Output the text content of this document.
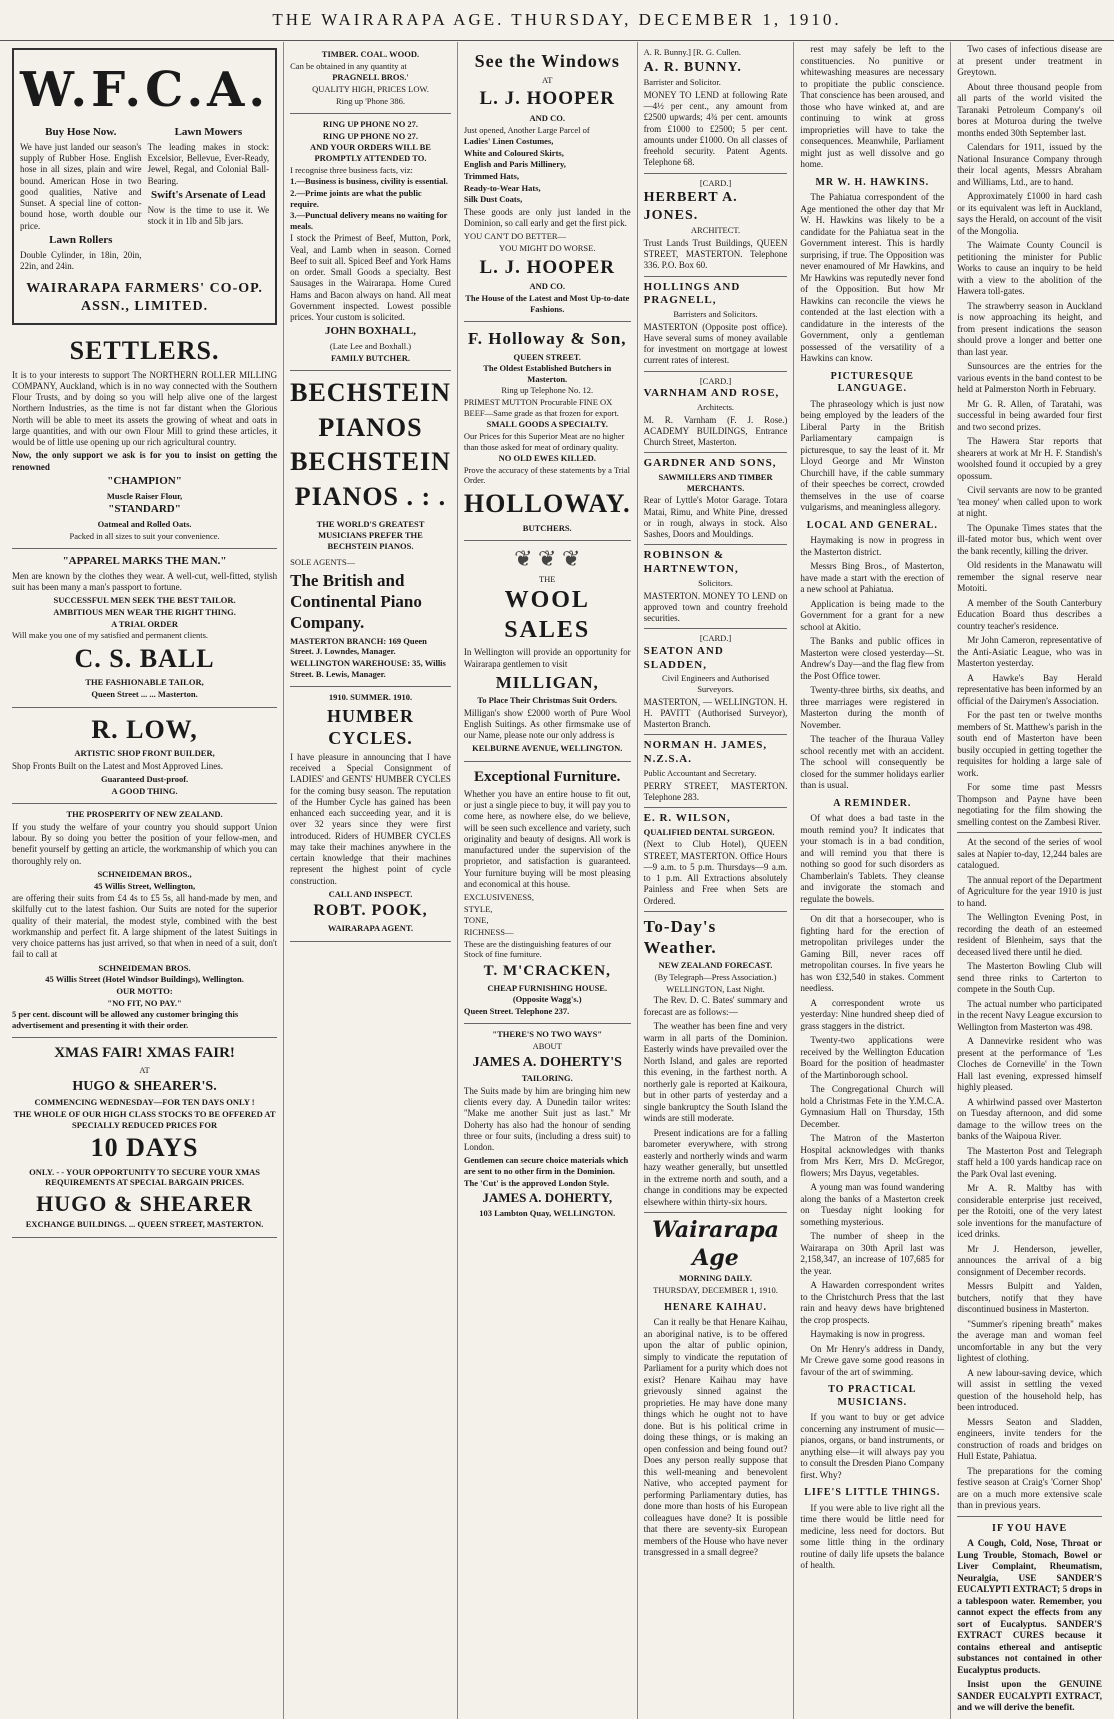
THE WAIRARAPA AGE. THURSDAY, DECEMBER 1, 1910.
W.F.C.A.
Buy Hose Now.
We have just landed our season's supply of Rubber Hose. English hose in all sizes, plain and wire bound. American Hose in two good qualities, Native and Sunset. A special line of cotton-bound hose, worth double our price.
Lawn Rollers
Double Cylinder, in 18in, 20in, 22in, and 24in.
Lawn Mowers
The leading makes in stock: Excelsior, Bellevue, Ever-Ready, Jewel, Regal, and Colonial Ball-Bearing.
Swift's Arsenate of Lead
Now is the time to use it. We stock it in 1lb and 5lb jars.
WAIRARAPA FARMERS' CO-OP. ASSN., LIMITED.
SETTLERS.
It is to your interests to support The NORTHERN ROLLER MILLING COMPANY, Auckland, which is in no way connected with the Southern Flour Trusts, and by doing so you will help alive one of the largest Northern Industries, as the time is not far distant when the Glorious North will be able to meet its assets the growing of wheat and oats in large quantities, and with our own Flour Mill to grind these articles, it would be of little use opening up our rich agricultural country.
Now, the only support we ask is for you to insist on getting the renowned
"CHAMPION"
Muscle Raiser Flour,
"STANDARD"
Oatmeal and Rolled Oats.
Packed in all sizes to suit your convenience.
"APPAREL MARKS THE MAN."
Men are known by the clothes they wear. A well-cut, well-fitted, stylish suit has been many a man's passport to fortune.
SUCCESSFUL MEN SEEK THE BEST TAILOR.
AMBITIOUS MEN WEAR THE RIGHT THING.
A TRIAL ORDER
Will make you one of my satisfied and permanent clients.
C. S. BALL
THE FASHIONABLE TAILOR,
Queen Street ... ... Masterton.
R. LOW,
ARTISTIC SHOP FRONT BUILDER,
Shop Fronts Built on the Latest and Most Approved Lines.
Guaranteed Dust-proof.
A GOOD THING.
THE PROSPERITY OF NEW ZEALAND.
If you study the welfare of your country you should support Union labour. By so doing you better the position of your fellow-men, and benefit yourself by getting an article, the workmanship of which you can thoroughly rely on.
SCHNEIDEMAN BROS.,
45 Willis Street, Wellington,
are offering their suits from £4 4s to £5 5s, all hand-made by men, and skilfully cut to the latest fashion. Our Suits are noted for the superior quality of their material, the modest style, combined with the best workmanship and perfect fit. A large shipment of the latest Suitings in very choice patterns has just arrived, so that when in need of a suit, don't fail to call at
SCHNEIDEMAN BROS.
45 Willis Street (Hotel Windsor Buildings), Wellington.
OUR MOTTO:
"NO FIT, NO PAY."
5 per cent. discount will be allowed any customer bringing this advertisement and presenting it with their order.
XMAS FAIR! XMAS FAIR!
AT
HUGO & SHEARER'S.
COMMENCING WEDNESDAY—FOR TEN DAYS ONLY !
THE WHOLE OF OUR HIGH CLASS STOCKS TO BE OFFERED AT SPECIALLY REDUCED PRICES FOR
10 DAYS
ONLY. - - YOUR OPPORTUNITY TO SECURE YOUR XMAS REQUIREMENTS AT SPECIAL BARGAIN PRICES.
HUGO & SHEARER
EXCHANGE BUILDINGS. ... QUEEN STREET, MASTERTON.
TIMBER. COAL. WOOD.
Can be obtained in any quantity at
PRAGNELL BROS.'
QUALITY HIGH, PRICES LOW.
Ring up 'Phone 386.
RING UP PHONE NO 27.
RING UP PHONE NO 27.
AND YOUR ORDERS WILL BE PROMPTLY ATTENDED TO.
I recognise three business facts, viz:
1.—Business is business, civility is essential.
2.—Prime joints are what the public require.
3.—Punctual delivery means no waiting for meals.
I stock the Primest of Beef, Mutton, Pork, Veal, and Lamb when in season. Corned Beef to suit all. Spiced Beef and York Hams on order. Small Goods a specialty. Best Sausages in the Wairarapa. Home Cured Hams and Bacon always on hand. All meat Government inspected. Lowest possible prices. Your custom is solicited.
JOHN BOXHALL,
(Late Lee and Boxhall.)
FAMILY BUTCHER.
BECHSTEIN
PIANOS
BECHSTEIN
PIANOS . : .
THE WORLD'S GREATEST MUSICIANS PREFER THE BECHSTEIN PIANOS.
SOLE AGENTS—
The British and Continental Piano Company.
MASTERTON BRANCH: 169 Queen Street. J. Lowndes, Manager.
WELLINGTON WAREHOUSE: 35, Willis Street. B. Lewis, Manager.
1910. SUMMER. 1910.
HUMBER CYCLES.
I have pleasure in announcing that I have received a Special Consignment of LADIES' and GENTS' HUMBER CYCLES for the coming busy season. The reputation of the Humber Cycle has gained has been enhanced each succeeding year, and it is over 32 years since they were first introduced. Riders of HUMBER CYCLES may take their machines anywhere in the certain knowledge that their machines represent the highest point of cycle construction.
CALL AND INSPECT.
ROBT. POOK,
WAIRARAPA AGENT.
See the Windows
AT
L. J. HOOPER
AND CO.
Just opened, Another Large Parcel of
Ladies' Linen Costumes,
White and Coloured Skirts,
English and Paris Millinery,
Trimmed Hats,
Ready-to-Wear Hats,
Silk Dust Coats,
These goods are only just landed in the Dominion, so call early and get the first pick.
YOU CAN'T DO BETTER—
YOU MIGHT DO WORSE.
L. J. HOOPER
AND CO.
The House of the Latest and Most Up-to-date Fashions.
F. Holloway & Son,
QUEEN STREET.
The Oldest Established Butchers in Masterton.
Ring up Telephone No. 12.
PRIMEST MUTTON Procurable FINE OX BEEF—Same grade as that frozen for export.
SMALL GOODS A SPECIALTY.
Our Prices for this Superior Meat are no higher than those asked for meat of ordinary quality.
NO OLD EWES KILLED.
Prove the accuracy of these statements by a Trial Order.
HOLLOWAY.
BUTCHERS.
❦ ❦ ❦
THE
WOOL
SALES
In Wellington will provide an opportunity for Wairarapa gentlemen to visit
MILLIGAN,
To Place Their Christmas Suit Orders.
Milligan's show £2000 worth of Pure Wool English Suitings. As other firmsmake use of our Name, please note our only address is
KELBURNE AVENUE, WELLINGTON.
Exceptional Furniture.
Whether you have an entire house to fit out, or just a single piece to buy, it will pay you to come here, as nowhere else, do we believe, will be seen such excellence and variety, such originality and beauty of designs. All work is manufactured under the supervision of the proprietor, and satisfaction is guaranteed. Your furniture buying will be most pleasing and economical at this house.
EXCLUSIVENESS,
STYLE,
TONE,
RICHNESS—
These are the distinguishing features of our Stock of fine furniture.
T. M'CRACKEN,
CHEAP FURNISHING HOUSE.
(Opposite Wagg's.)
Queen Street. Telephone 237.
"THERE'S NO TWO WAYS"
ABOUT
JAMES A. DOHERTY'S
TAILORING.
The Suits made by him are bringing him new clients every day. A Dunedin tailor writes: "Make me another Suit just as last." Mr Doherty has also had the honour of sending three or four suits, (including a dress suit) to London.
Gentlemen can secure choice materials which are sent to no other firm in the Dominion.
The 'Cut' is the approved London Style.
JAMES A. DOHERTY,
103 Lambton Quay, WELLINGTON.
A. R. Bunny.] [R. G. Cullen.
A. R. BUNNY.
Barrister and Solicitor.
MONEY TO LEND at following Rate—4½ per cent., any amount from £2500 upwards; 4¾ per cent. amounts from £1000 to £2500; 5 per cent. amounts under £1000. On all classes of freehold security. Patent Agents. Telephone 68.
[CARD.]
HERBERT A. JONES.
ARCHITECT.
Trust Lands Trust Buildings, QUEEN STREET, MASTERTON. Telephone 336. P.O. Box 60.
HOLLINGS AND PRAGNELL,
Barristers and Solicitors.
MASTERTON (Opposite post office). Have several sums of money available for investment on mortgage at lowest current rates of interest.
[CARD.]
VARNHAM AND ROSE,
Architects.
M. R. Varnham (F. J. Rose.) ACADEMY BUILDINGS, Entrance Church Street, Masterton.
GARDNER AND SONS,
SAWMILLERS AND TIMBER MERCHANTS.
Rear of Lyttle's Motor Garage. Totara Matai, Rimu, and White Pine, dressed or in rough, always in stock. Also Sashes, Doors and Mouldings.
ROBINSON & HARTNEWTON,
Solicitors.
MASTERTON. MONEY TO LEND on approved town and country freehold securities.
[CARD.]
SEATON AND SLADDEN,
Civil Engineers and Authorised Surveyors.
MASTERTON, — WELLINGTON. H. H. PAVITT (Authorised Surveyor), Masterton Branch.
NORMAN H. JAMES, N.Z.S.A.
Public Accountant and Secretary.
PERRY STREET, MASTERTON. Telephone 283.
E. R. WILSON,
QUALIFIED DENTAL SURGEON.
(Next to Club Hotel), QUEEN STREET, MASTERTON. Office Hours—9 a.m. to 5 p.m. Thursdays—9 a.m. to 1 p.m. All Extractions absolutely Painless and Free when Sets are Ordered.
To-Day's Weather.
NEW ZEALAND FORECAST.
(By Telegraph—Press Association.)
WELLINGTON, Last Night.
The Rev. D. C. Bates' summary and forecast are as follows:—
The weather has been fine and very warm in all parts of the Dominion. Easterly winds have prevailed over the North Island, and gales are reported this evening, in the farthest north. A northerly gale is reported at Kaikoura, but in other parts of yesterday and a single bankruptcy the South Island the winds are still moderate.
Present indications are for a falling barometer everywhere, with strong easterly and northerly winds and warm hazy weather generally, but unsettled in the extreme north and south, and a change in conditions may be expected elsewhere within thirty-six hours.
Wairarapa Age
MORNING DAILY.
THURSDAY, DECEMBER 1, 1910.
HENARE KAIHAU.
Can it really be that Henare Kaihau, an aboriginal native, is to be offered upon the altar of public opinion, simply to vindicate the reputation of Parliament for a purity which does not exist? Henare Kaihau may have grievously sinned against the proprieties. He may have done many things which he ought not to have done. But is his political crime in doing these things, or is making an open confession and being found out? Does any person really suppose that this well-meaning and benevolent Native, who accepted payment for performing Parliamentary duties, has done more than hosts of his European colleagues have done? It is possible that there are seventy-six European members of the House who have never transgressed in a small degree?
rest may safely be left to the constituencies. No punitive or whitewashing measures are necessary to propitiate the public conscience. That conscience has been aroused, and those who have winked at, and are continuing to wink at gross improprieties will have to take the consequences. Meanwhile, Parliament might just as well dissolve and go home.
MR W. H. HAWKINS.
The Pahiatua correspondent of the Age mentioned the other day that Mr W. H. Hawkins was likely to be a candidate for the Pahiatua seat in the Government interest. This is hardly surprising, if true. The Opposition was never enamoured of Mr Hawkins, and Mr Hawkins was reputedly never fond of the Opposition. But how Mr Hawkins can reconcile the views he contended at the last election with a candidature in the interests of the Government, only a gentleman possessed of the versatility of a Hawkins can know.
PICTURESQUE LANGUAGE.
The phraseology which is just now being employed by the leaders of the Liberal Party in the British Parliamentary campaign is picturesque, to say the least of it. Mr Lloyd George and Mr Winston Churchill have, if the cable summary of their speeches be correct, crowded themselves in the use of coarse vulgarisms, and meaningless allegory.
LOCAL AND GENERAL.
Haymaking is now in progress in the Masterton district.
Messrs Bing Bros., of Masterton, have made a start with the erection of a new school at Pahiatua.
Application is being made to the Government for a grant for a new school at Akitio.
The Banks and public offices in Masterton were closed yesterday—St. Andrew's Day—and the flag flew from the Post Office tower.
Twenty-three births, six deaths, and three marriages were registered in Masterton during the month of November.
The teacher of the Ihuraua Valley school recently met with an accident. The school will consequently be closed for the summer holidays earlier than is usual.
A REMINDER.
Of what does a bad taste in the mouth remind you? It indicates that your stomach is in a bad condition, and will remind you that there is nothing so good for such disorders as Chamberlain's Tablets. They cleanse and invigorate the stomach and regulate the bowels.
On dit that a horsecouper, who is fighting hard for the erection of metropolitan privileges under the Gaming Bill, never races off metropolitan courses. In five years he has won £32,540 in stakes. Comment needless.
A correspondent wrote us yesterday: Nine hundred sheep died of grass staggers in the district.
Twenty-two applications were received by the Wellington Education Board for the position of headmaster of the Martinborough school.
The Congregational Church will hold a Christmas Fete in the Y.M.C.A. Gymnasium Hall on Thursday, 15th December.
The Matron of the Masterton Hospital acknowledges with thanks from Mrs Kerr, Mrs D. McGregor, flowers; Mrs Dayus, vegetables.
A young man was found wandering along the banks of a Masterton creek on Tuesday night looking for something mysterious.
The number of sheep in the Wairarapa on 30th April last was 2,158,347, an increase of 107,685 for the year.
A Hawarden correspondent writes to the Christchurch Press that the last rain and heavy dews have brightened the crop prospects.
Haymaking is now in progress.
On Mr Henry's address in Dandy, Mr Crewe gave some good reasons in favour of the art of swimming.
TO PRACTICAL MUSICIANS.
If you want to buy or get advice concerning any instrument of music—pianos, organs, or band instruments, or anything else—it will always pay you to consult the Dresden Piano Company first. Why?
LIFE'S LITTLE THINGS.
If you were able to live right all the time there would be little need for medicine, less need for doctors. But some little thing in the ordinary routine of daily life upsets the balance of health.
Two cases of infectious disease are at present under treatment in Greytown.
About three thousand people from all parts of the world visited the Taranaki Petroleum Company's oil bores at Moturoa during the twelve months ended 30th September last.
Calendars for 1911, issued by the National Insurance Company through their local agents, Messrs Abraham and Williams, Ltd., are to hand.
Approximately £1000 in hard cash or its equivalent was left in Auckland, says the Herald, on account of the visit of the Mongolia.
The Waimate County Council is petitioning the minister for Public Works to cause an inquiry to be held with a view to the abolition of the Hawera toll-gates.
The strawberry season in Auckland is now approaching its height, and from present indications the season should prove a longer and better one than last year.
Sunsources are the entries for the various events in the band contest to be held at Palmerston North in February.
Mr G. R. Allen, of Taratahi, was successful in being awarded four first and two second prizes.
The Hawera Star reports that shearers at work at Mr H. F. Standish's woolshed found it occupied by a grey opossum.
Civil servants are now to be granted 'tea money' when called upon to work at night.
The Opunake Times states that the ill-fated motor bus, which went over the bank recently, killing the driver.
Old residents in the Manawatu will remember the signal reserve near Motoiti.
A member of the South Canterbury Education Board thus describes a country teacher's residence.
Mr John Cameron, representative of the Anti-Asiatic League, who was in Masterton yesterday.
A Hawke's Bay Herald representative has been informed by an official of the Dairymen's Association.
For the past ten or twelve months members of St. Matthew's parish in the south end of Masterton have been busily occupied in getting together the requisites for holding a large sale of work.
For some time past Messrs Thompson and Payne have been negotiating for the film showing the smelling contest on the Zambesi River.
At the second of the series of wool sales at Napier to-day, 12,244 bales are catalogued.
The annual report of the Department of Agriculture for the year 1910 is just to hand.
The Wellington Evening Post, in recording the death of an esteemed resident of Blenheim, says that the deceased lived there until he died.
The Masterton Bowling Club will send three rinks to Carterton to compete in the South Cup.
The actual number who participated in the recent Navy League excursion to Wellington from Masterton was 498.
A Dannevirke resident who was present at the performance of 'Les Cloches de Corneville' in the Town Hall last evening, expressed himself highly pleased.
A whirlwind passed over Masterton on Tuesday afternoon, and did some damage to the willow trees on the banks of the Waipoua River.
The Masterton Post and Telegraph staff held a 100 yards handicap race on the Park Oval last evening.
Mr A. R. Maltby has with considerable enterprise just received, per the Rotoiti, one of the very latest sole inventions for the manufacture of iced drinks.
Mr J. Henderson, jeweller, announces the arrival of a big consignment of December records.
Messrs Bulpitt and Yalden, butchers, notify that they have discontinued business in Masterton.
"Summer's ripening breath" makes the average man and woman feel uncomfortable in any but the very lightest of clothing.
A new labour-saving device, which will assist in settling the vexed question of the household help, has been introduced.
Messrs Seaton and Sladden, engineers, invite tenders for the construction of roads and bridges on Hull Estate, Pahiatua.
The preparations for the coming festive season at Craig's 'Corner Shop' are on a much more extensive scale than in previous years.
IF YOU HAVE
A Cough, Cold, Nose, Throat or Lung Trouble, Stomach, Bowel or Liver Complaint, Rheumatism, Neuralgia, USE SANDER'S EUCALYPTI EXTRACT; 5 drops in a tablespoon water. Remember, you cannot expect the effects from any sort of Eucalyptus. SANDER'S EXTRACT CURES because it contains ethereal and antiseptic substances not contained in other Eucalyptus products.
Insist upon the GENUINE SANDER EUCALYPTI EXTRACT, and we will derive the benefit.
